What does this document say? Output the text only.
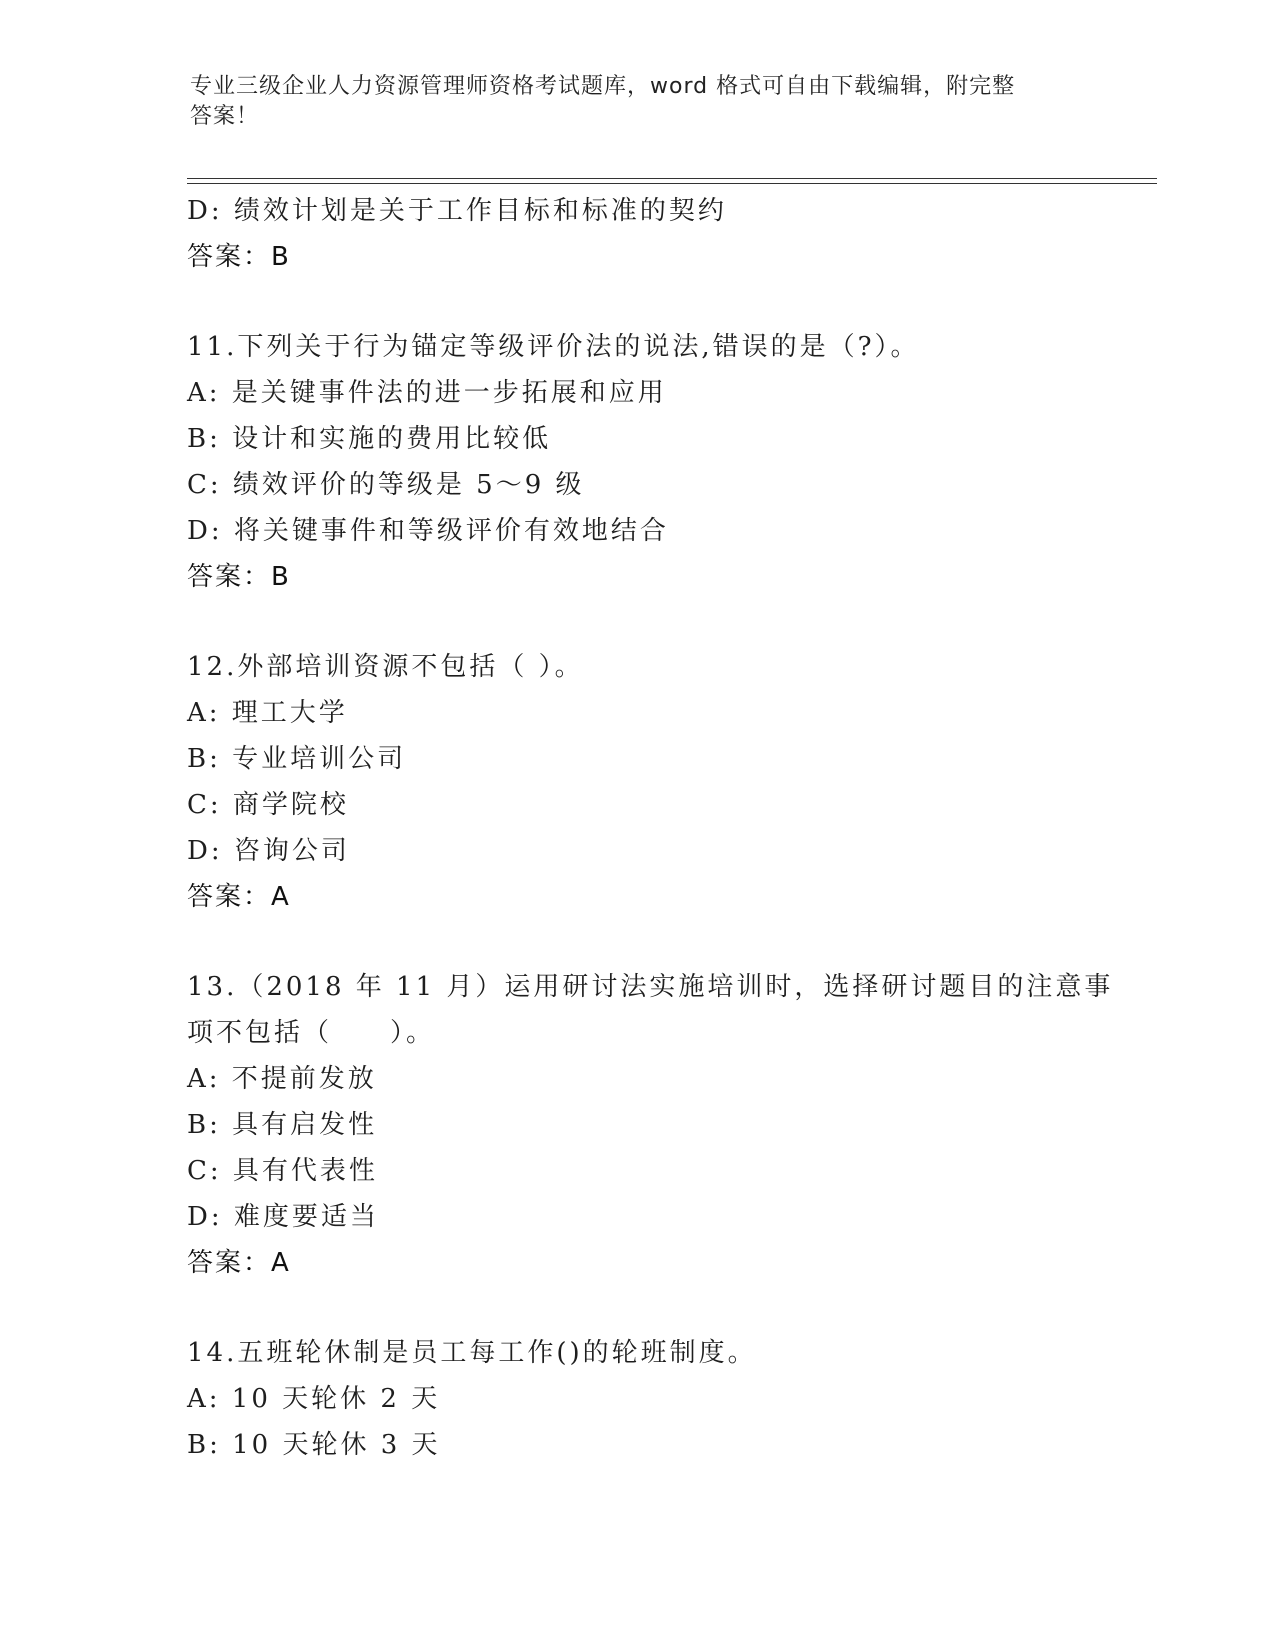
专业三级企业人力资源管理师资格考试题库，word 格式可自由下载编辑，附完整
答案！
D: 绩效计划是关于工作目标和标准的契约
答案：B
11.下列关于行为锚定等级评价法的说法,错误的是（?）。
A: 是关键事件法的进一步拓展和应用
B: 设计和实施的费用比较低
C: 绩效评价的等级是 5～9 级
D: 将关键事件和等级评价有效地结合
答案：B
12.外部培训资源不包括（ ）。
A: 理工大学
B: 专业培训公司
C: 商学院校
D: 咨询公司
答案：A
13.（2018 年 11 月）运用研讨法实施培训时，选择研讨题目的注意事
项不包括（　　）。
A: 不提前发放
B: 具有启发性
C: 具有代表性
D: 难度要适当
答案：A
14.五班轮休制是员工每工作()的轮班制度。
A: 10 天轮休 2 天
B: 10 天轮休 3 天
